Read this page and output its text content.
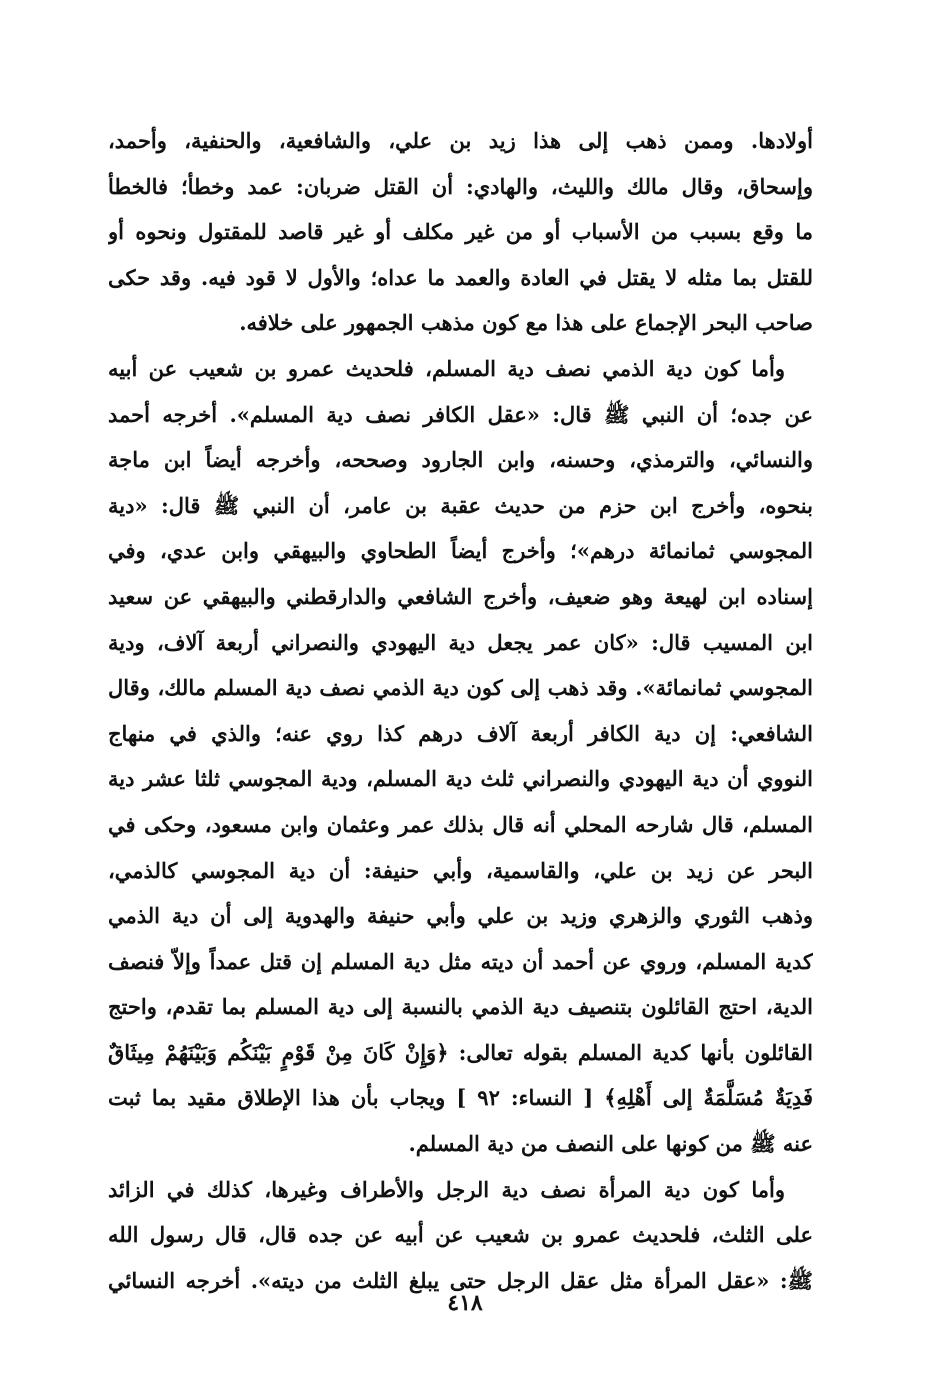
أولادها. وممن ذهب إلى هذا زيد بن علي، والشافعية، والحنفية، وأحمد،
وإسحاق، وقال مالك والليث، والهادي: أن القتل ضربان: عمد وخطأ؛ فالخطأ
ما وقع بسبب من الأسباب أو من غير مكلف أو غير قاصد للمقتول ونحوه أو
للقتل بما مثله لا يقتل في العادة والعمد ما عداه؛ والأول لا قود فيه. وقد حكى
صاحب البحر الإجماع على هذا مع كون مذهب الجمهور على خلافه.
وأما كون دية الذمي نصف دية المسلم، فلحديث عمرو بن شعيب عن أبيه
عن جده؛ أن النبي ﷺ قال: «عقل الكافر نصف دية المسلم». أخرجه أحمد
والنسائي، والترمذي، وحسنه، وابن الجارود وصححه، وأخرجه أيضاً ابن ماجة
بنحوه، وأخرج ابن حزم من حديث عقبة بن عامر، أن النبي ﷺ قال: «دية
المجوسي ثمانمائة درهم»؛ وأخرج أيضاً الطحاوي والبيهقي وابن عدي، وفي
إسناده ابن لهيعة وهو ضعيف، وأخرج الشافعي والدارقطني والبيهقي عن سعيد
ابن المسيب قال: «كان عمر يجعل دية اليهودي والنصراني أربعة آلاف، ودية
المجوسي ثمانمائة». وقد ذهب إلى كون دية الذمي نصف دية المسلم مالك، وقال
الشافعي: إن دية الكافر أربعة آلاف درهم كذا روي عنه؛ والذي في منهاج
النووي أن دية اليهودي والنصراني ثلث دية المسلم، ودية المجوسي ثلثا عشر دية
المسلم، قال شارحه المحلي أنه قال بذلك عمر وعثمان وابن مسعود، وحكى في
البحر عن زيد بن علي، والقاسمية، وأبي حنيفة: أن دية المجوسي كالذمي،
وذهب الثوري والزهري وزيد بن علي وأبي حنيفة والهدوية إلى أن دية الذمي
كدية المسلم، وروي عن أحمد أن ديته مثل دية المسلم إن قتل عمداً وإلاّ فنصف
الدية، احتج القائلون بتنصيف دية الذمي بالنسبة إلى دية المسلم بما تقدم، واحتج
القائلون بأنها كدية المسلم بقوله تعالى: ﴿وَإِنْ كَانَ مِنْ قَوْمٍ بَيْنَكُم وَبَيْنَهُمْ مِيثَاقٌ
فَدِيَةٌ مُسَلَّمَةٌ إلى أَهْلِهِ﴾ [ النساء: ٩٢ ] ويجاب بأن هذا الإطلاق مقيد بما ثبت
عنه ﷺ من كونها على النصف من دية المسلم.
وأما كون دية المرأة نصف دية الرجل والأطراف وغيرها، كذلك في الزائد
على الثلث، فلحديث عمرو بن شعيب عن أبيه عن جده قال، قال رسول الله
ﷺ: «عقل المرأة مثل عقل الرجل حتى يبلغ الثلث من ديته». أخرجه النسائي
٤١٨
